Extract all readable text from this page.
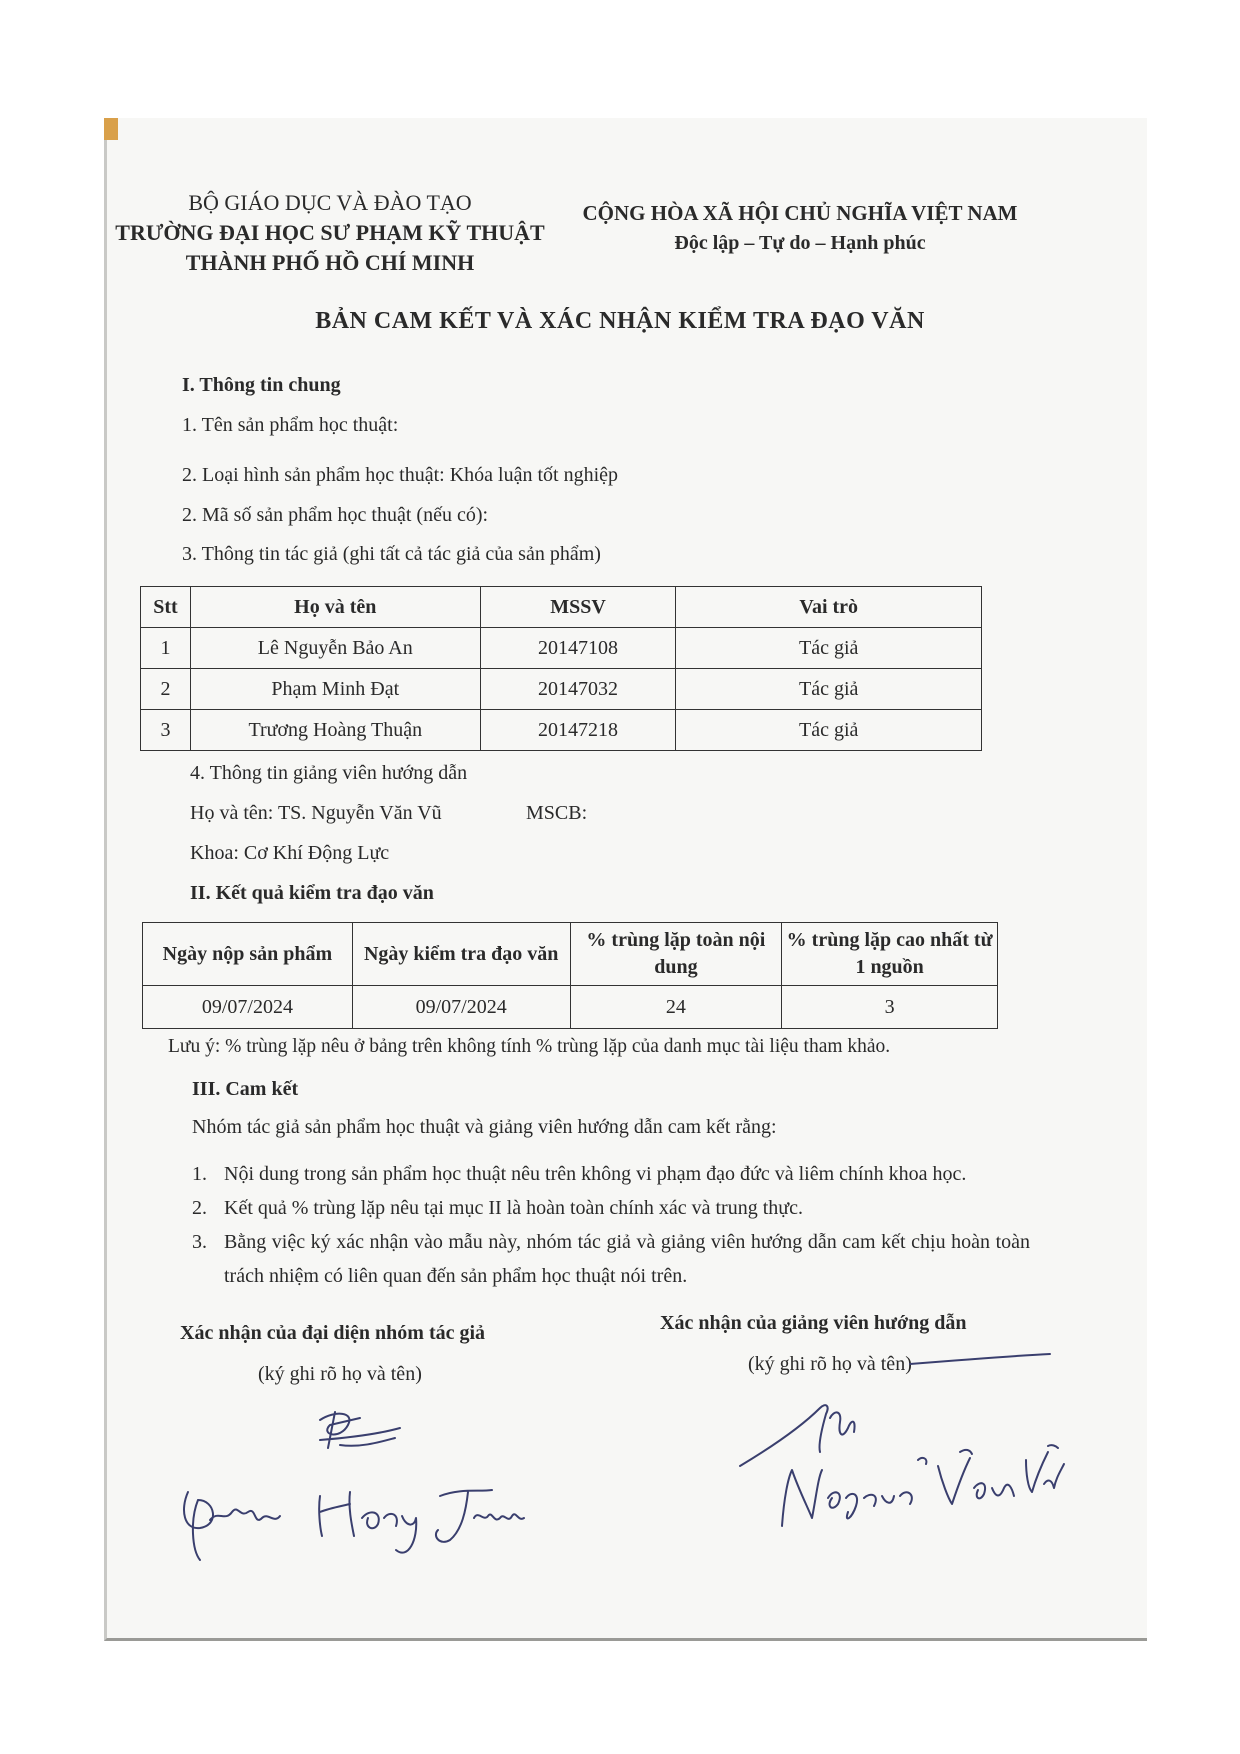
BỘ GIÁO DỤC VÀ ĐÀO TẠO
TRƯỜNG ĐẠI HỌC SƯ PHẠM KỸ THUẬT
THÀNH PHỐ HỒ CHÍ MINH
CỘNG HÒA XÃ HỘI CHỦ NGHĨA VIỆT NAM
Độc lập – Tự do – Hạnh phúc
BẢN CAM KẾT VÀ XÁC NHẬN KIỂM TRA ĐẠO VĂN
I. Thông tin chung
1. Tên sản phẩm học thuật:
2. Loại hình sản phẩm học thuật: Khóa luận tốt nghiệp
2. Mã số sản phẩm học thuật (nếu có):
3. Thông tin tác giả (ghi tất cả tác giả của sản phẩm)
Stt	Họ và tên	MSSV	Vai trò
1	Lê Nguyễn Bảo An	20147108	Tác giả
2	Phạm Minh Đạt	20147032	Tác giả
3	Trương Hoàng Thuận	20147218	Tác giả
4. Thông tin giảng viên hướng dẫn
Họ và tên: TS. Nguyễn Văn Vũ	MSCB:
Khoa: Cơ Khí Động Lực
II. Kết quả kiểm tra đạo văn
Ngày nộp sản phẩm	Ngày kiểm tra đạo văn	% trùng lặp toàn nội dung	% trùng lặp cao nhất từ 1 nguồn
09/07/2024	09/07/2024	24	3
Lưu ý: % trùng lặp nêu ở bảng trên không tính % trùng lặp của danh mục tài liệu tham khảo.
III. Cam kết
Nhóm tác giả sản phẩm học thuật và giảng viên hướng dẫn cam kết rằng:
1. Nội dung trong sản phẩm học thuật nêu trên không vi phạm đạo đức và liêm chính khoa học.
2. Kết quả % trùng lặp nêu tại mục II là hoàn toàn chính xác và trung thực.
3. Bằng việc ký xác nhận vào mẫu này, nhóm tác giả và giảng viên hướng dẫn cam kết chịu hoàn toàn trách nhiệm có liên quan đến sản phẩm học thuật nói trên.
Xác nhận của đại diện nhóm tác giả
(ký ghi rõ họ và tên)
Xác nhận của giảng viên hướng dẫn
(ký ghi rõ họ và tên)
